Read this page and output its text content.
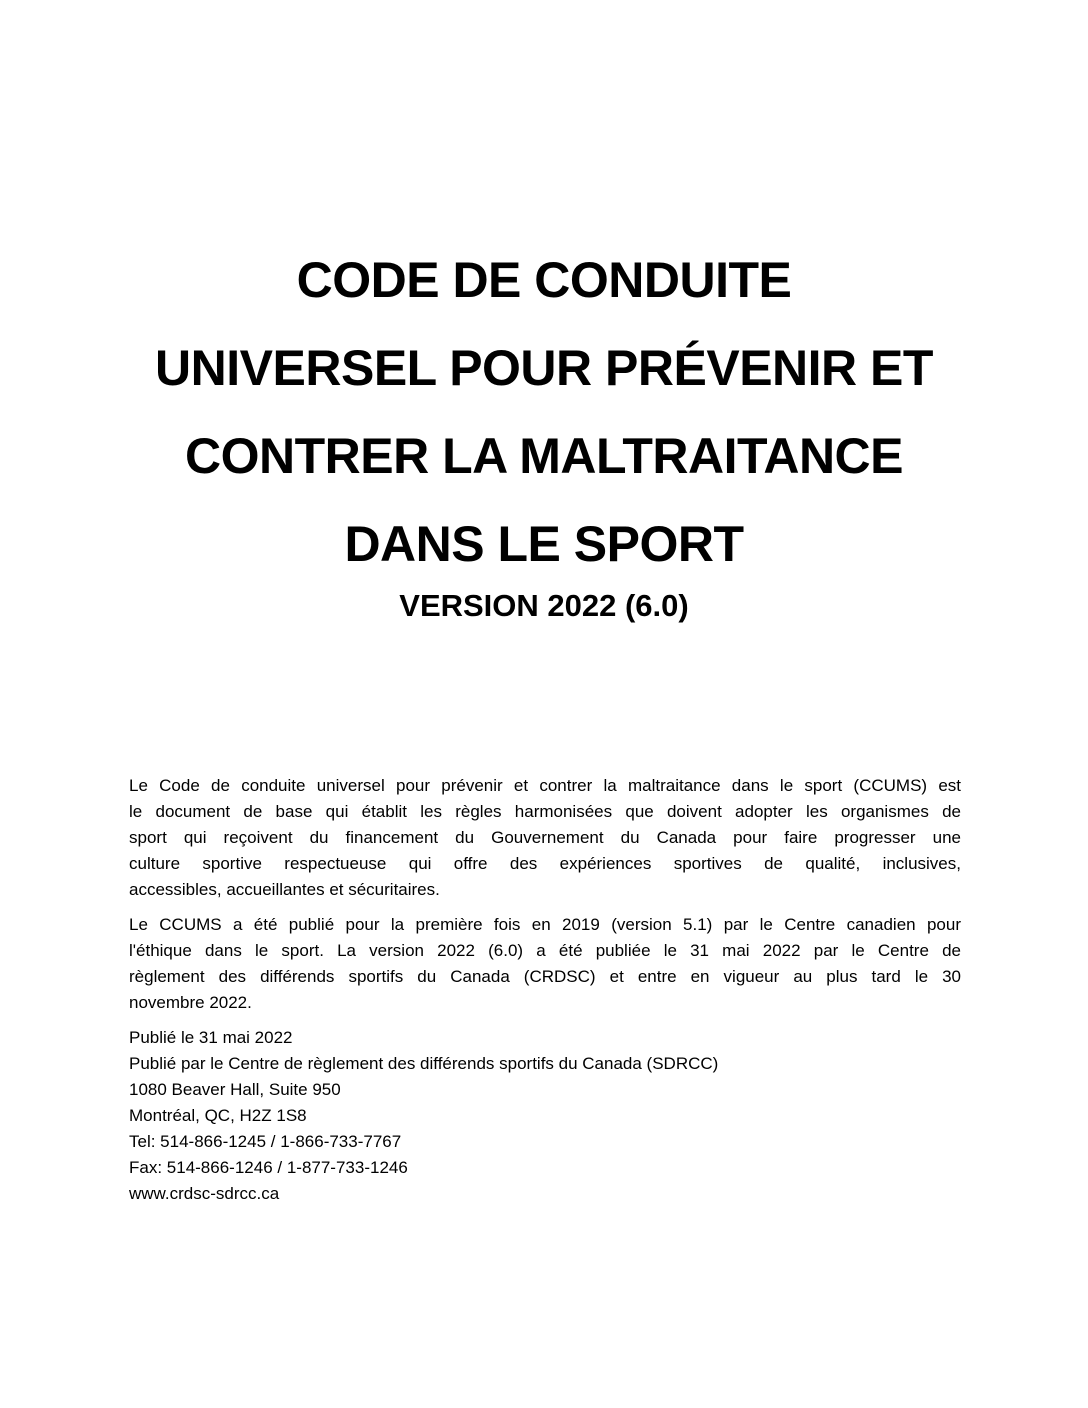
CODE DE CONDUITE
UNIVERSEL POUR PRÉVENIR ET
CONTRER LA MALTRAITANCE
DANS LE SPORT
VERSION 2022 (6.0)

Le Code de conduite universel pour prévenir et contrer la maltraitance dans le sport (CCUMS) est
le document de base qui établit les règles harmonisées que doivent adopter les organismes de
sport qui reçoivent du financement du Gouvernement du Canada pour faire progresser une
culture sportive respectueuse qui offre des expériences sportives de qualité, inclusives,
accessibles, accueillantes et sécuritaires.

Le CCUMS a été publié pour la première fois en 2019 (version 5.1) par le Centre canadien pour
l'éthique dans le sport. La version 2022 (6.0) a été publiée le 31 mai 2022 par le Centre de
règlement des différends sportifs du Canada (CRDSC) et entre en vigueur au plus tard le 30
novembre 2022.

Publié le 31 mai 2022
Publié par le Centre de règlement des différends sportifs du Canada (SDRCC)
1080 Beaver Hall, Suite 950
Montréal, QC, H2Z 1S8
Tel: 514-866-1245 / 1-866-733-7767
Fax: 514-866-1246 / 1-877-733-1246
www.crdsc-sdrcc.ca
